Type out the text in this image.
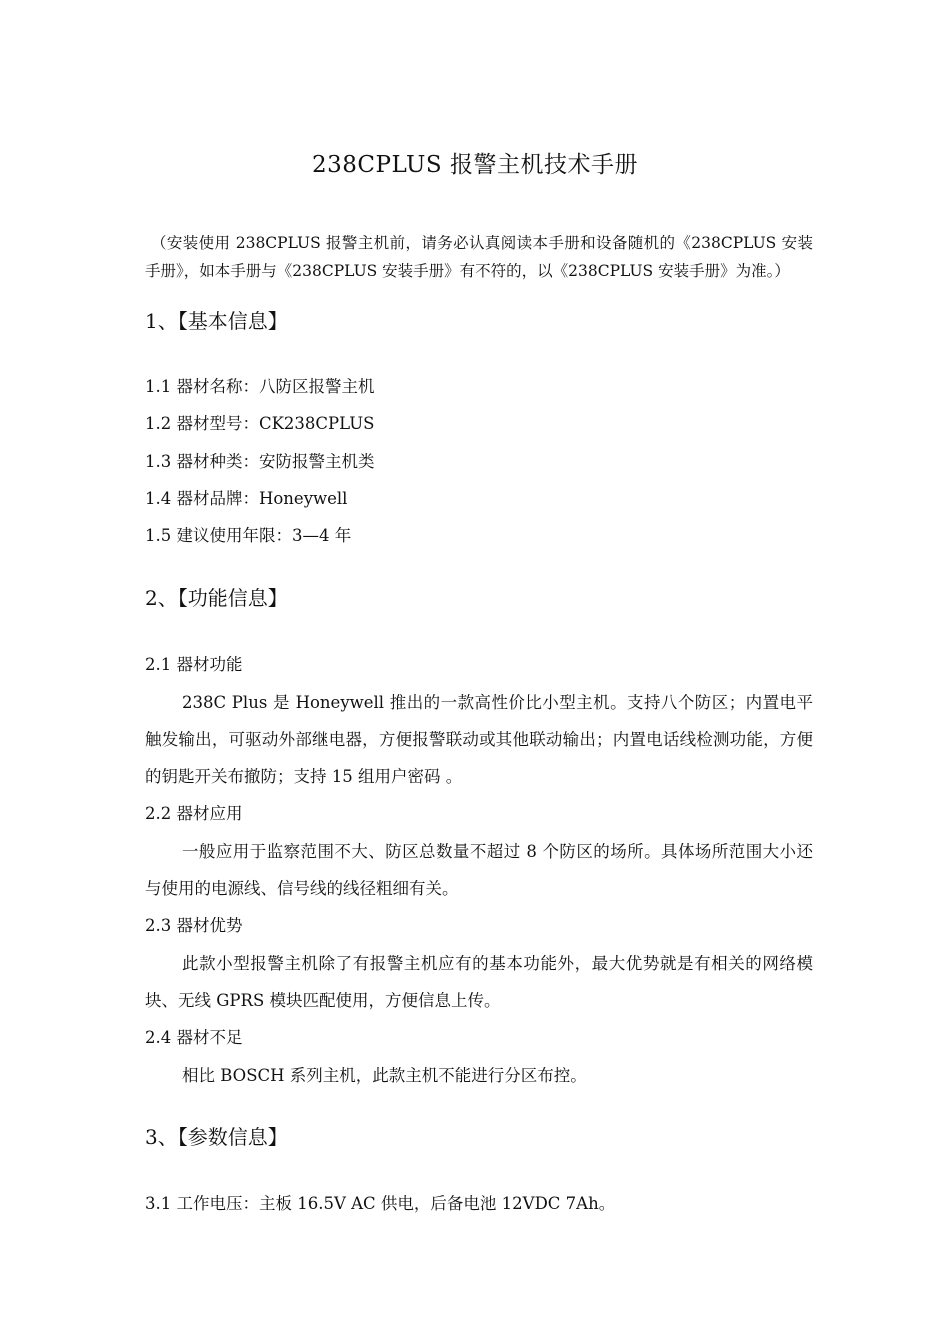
238CPLUS 报警主机技术手册
（安装使用 238CPLUS 报警主机前，请务必认真阅读本手册和设备随机的《238CPLUS 安装手册》，如本手册与《238CPLUS 安装手册》有不符的，以《238CPLUS 安装手册》为准。）
1、【基本信息】
1.1 器材名称：八防区报警主机
1.2 器材型号：CK238CPLUS
1.3 器材种类：安防报警主机类
1.4 器材品牌：Honeywell
1.5 建议使用年限：3—4 年
2、【功能信息】
2.1 器材功能
238C Plus 是 Honeywell 推出的一款高性价比小型主机。支持八个防区；内置电平触发输出，可驱动外部继电器，方便报警联动或其他联动输出；内置电话线检测功能，方便的钥匙开关布撤防；支持 15 组用户密码 。
2.2 器材应用
一般应用于监察范围不大、防区总数量不超过 8 个防区的场所。具体场所范围大小还与使用的电源线、信号线的线径粗细有关。
2.3 器材优势
此款小型报警主机除了有报警主机应有的基本功能外，最大优势就是有相关的网络模块、无线 GPRS 模块匹配使用，方便信息上传。
2.4 器材不足
相比 BOSCH 系列主机，此款主机不能进行分区布控。
3、【参数信息】
3.1 工作电压：主板 16.5V AC 供电，后备电池 12VDC 7Ah。
